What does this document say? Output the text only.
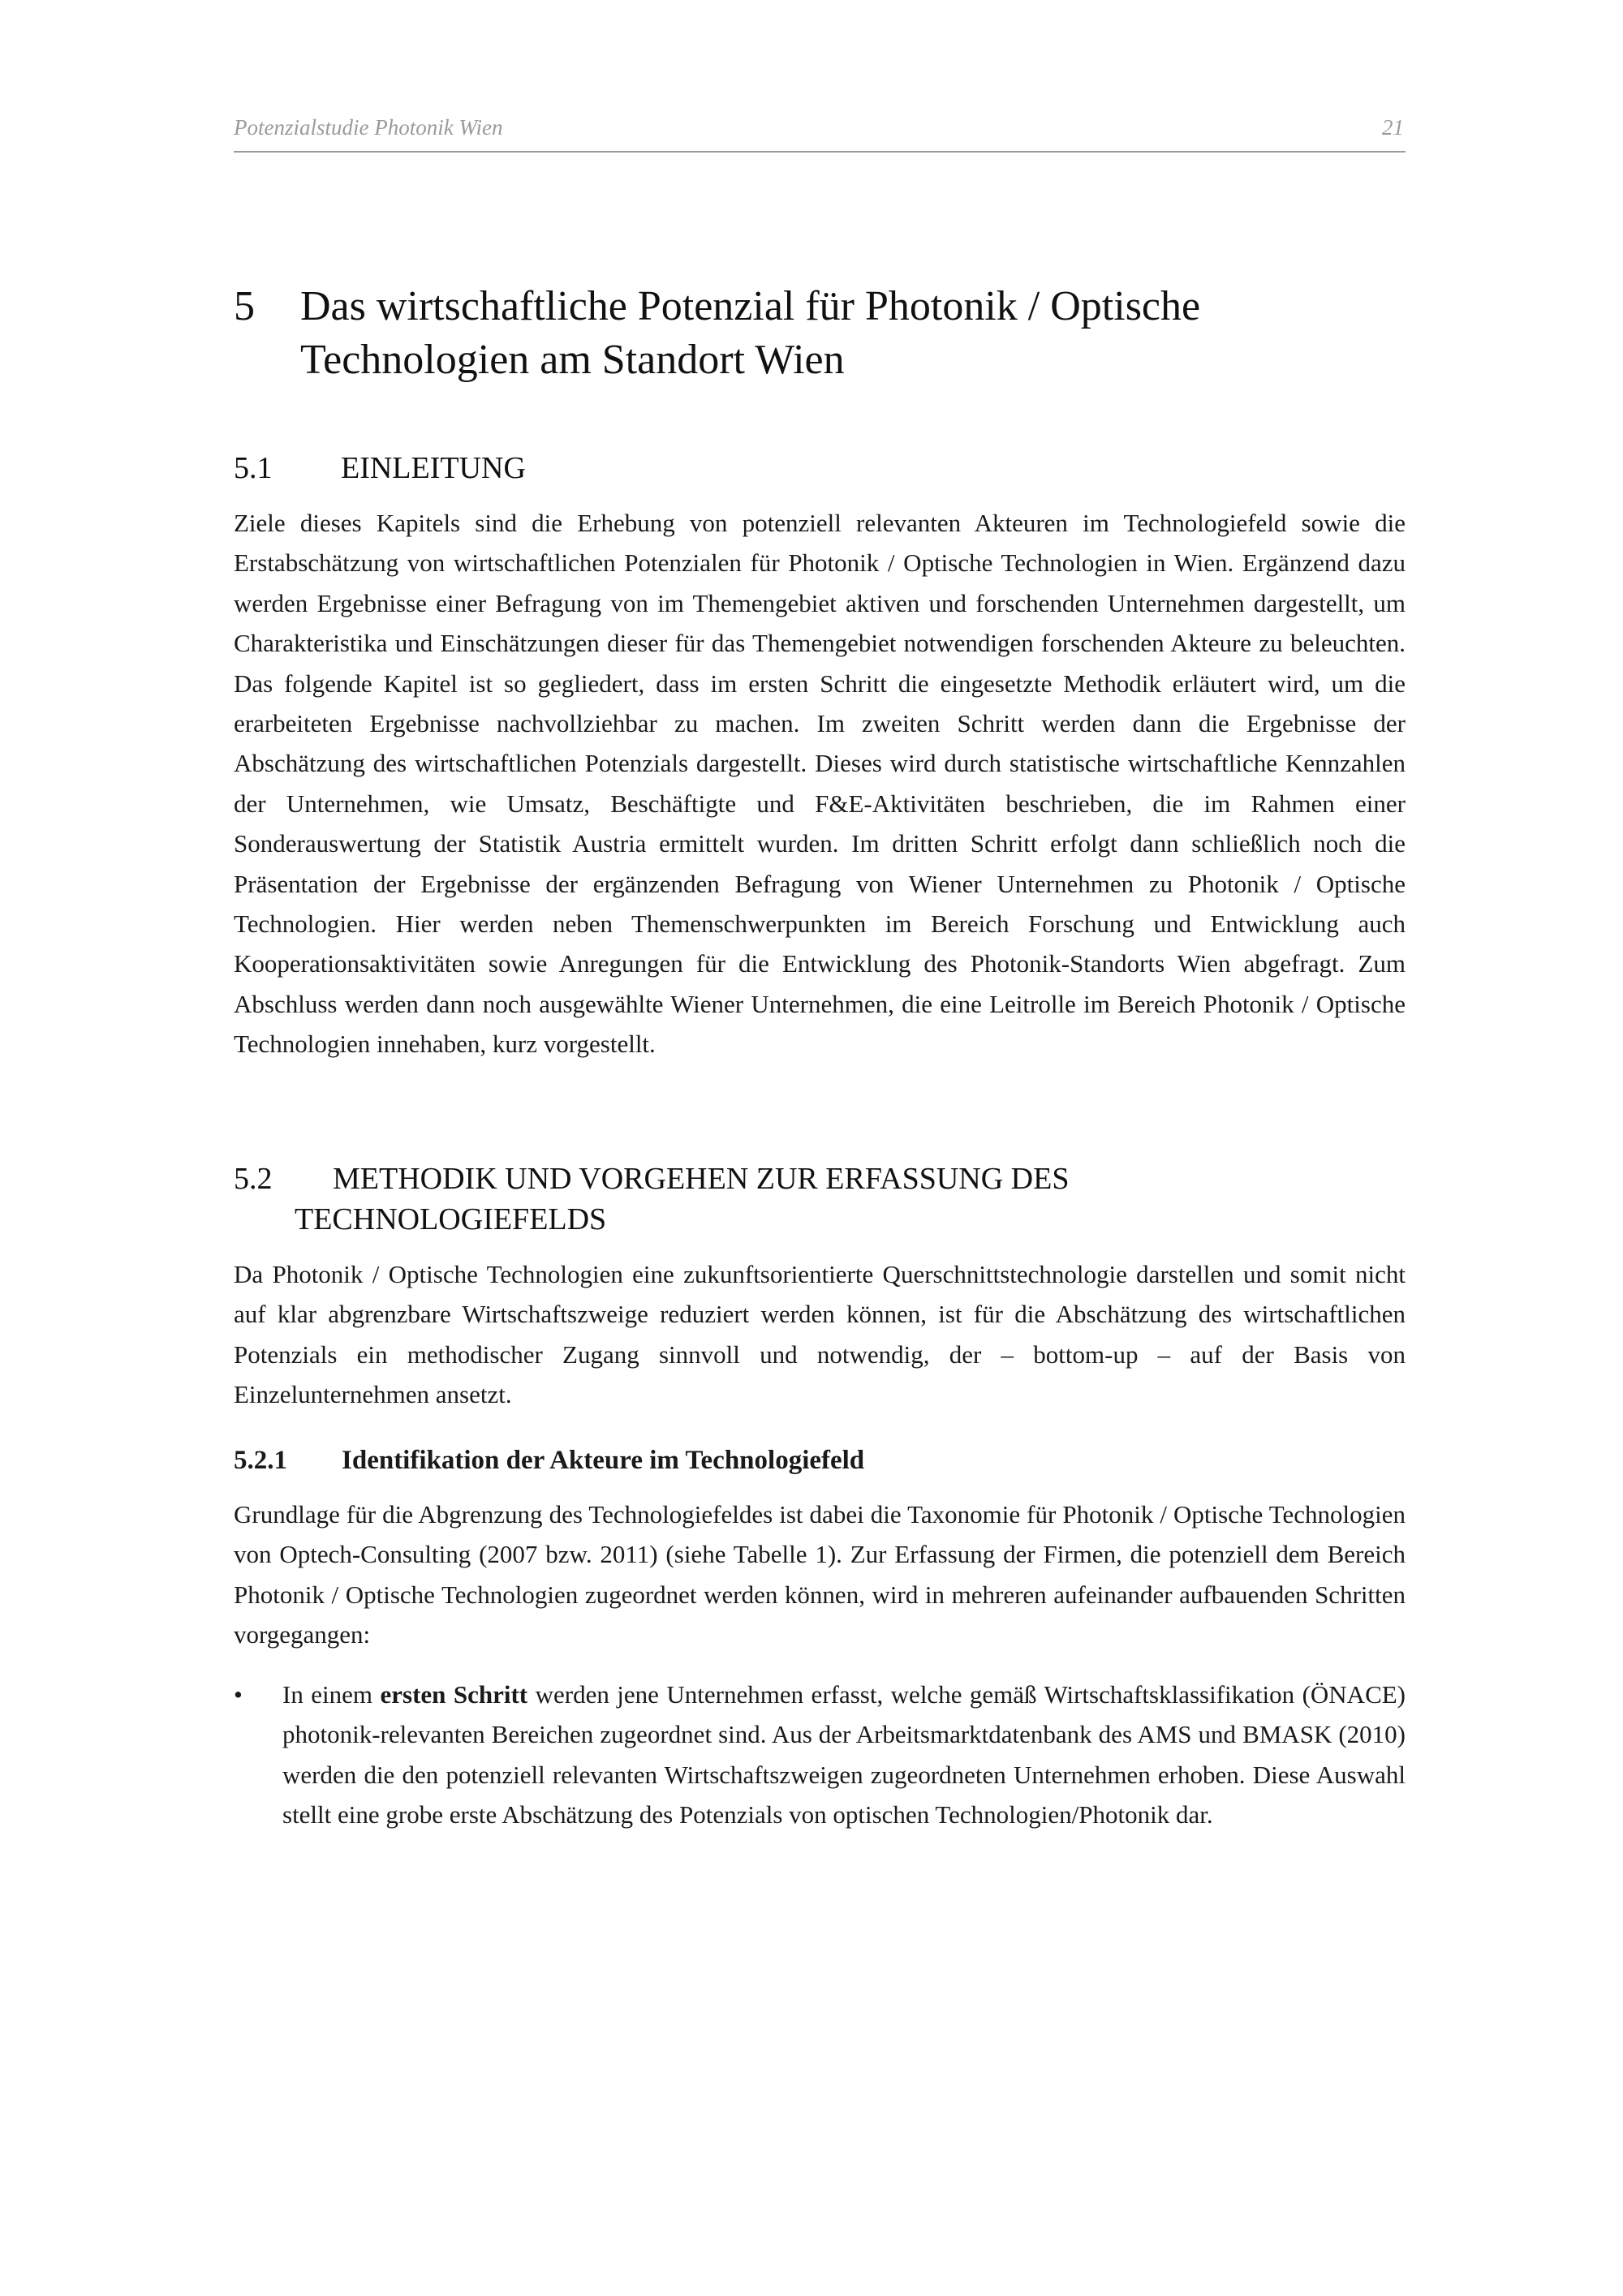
Potenzialstudie Photonik Wien	21
5 Das wirtschaftliche Potenzial für Photonik / Optische
Technologien am Standort Wien
5.1 EINLEITUNG

Ziele dieses Kapitels sind die Erhebung von potenziell relevanten Akteuren im Technologiefeld sowie die Erstabschätzung von wirtschaftlichen Potenzialen für Photonik / Optische Technologien in Wien. Ergänzend dazu werden Ergebnisse einer Befragung von im Themengebiet aktiven und forschenden Unternehmen dargestellt, um Charakteristika und Einschätzungen dieser für das Themengebiet notwendigen forschenden Akteure zu beleuchten. Das folgende Kapitel ist so gegliedert, dass im ersten Schritt die eingesetzte Methodik erläutert wird, um die erarbeiteten Ergebnisse nachvollziehbar zu machen. Im zweiten Schritt werden dann die Ergebnisse der Abschätzung des wirtschaftlichen Potenzials dargestellt. Dieses wird durch statistische wirtschaftliche Kennzahlen der Unternehmen, wie Umsatz, Beschäftigte und F&E-Aktivitäten beschrieben, die im Rahmen einer Sonderauswertung der Statistik Austria ermittelt wurden. Im dritten Schritt erfolgt dann schließlich noch die Präsentation der Ergebnisse der ergänzenden Befragung von Wiener Unternehmen zu Photonik / Optische Technologien. Hier werden neben Themenschwerpunkten im Bereich Forschung und Entwicklung auch Kooperationsaktivitäten sowie Anregungen für die Entwicklung des Photonik-Standorts Wien abgefragt. Zum Abschluss werden dann noch ausgewählte Wiener Unternehmen, die eine Leitrolle im Bereich Photonik / Optische Technologien innehaben, kurz vorgestellt.

5.2 METHODIK UND VORGEHEN ZUR ERFASSUNG DES
TECHNOLOGIEFELDS

Da Photonik / Optische Technologien eine zukunftsorientierte Querschnittstechnologie darstellen und somit nicht auf klar abgrenzbare Wirtschaftszweige reduziert werden können, ist für die Abschätzung des wirtschaftlichen Potenzials ein methodischer Zugang sinnvoll und notwendig, der – bottom-up – auf der Basis von Einzelunternehmen ansetzt.

5.2.1 Identifikation der Akteure im Technologiefeld

Grundlage für die Abgrenzung des Technologiefeldes ist dabei die Taxonomie für Photonik / Optische Technologien von Optech-Consulting (2007 bzw. 2011) (siehe Tabelle 1). Zur Erfassung der Firmen, die potenziell dem Bereich Photonik / Optische Technologien zugeordnet werden können, wird in mehreren aufeinander aufbauenden Schritten vorgegangen:

• In einem ersten Schritt werden jene Unternehmen erfasst, welche gemäß Wirtschaftsklassifikation (ÖNACE) photonik-relevanten Bereichen zugeordnet sind. Aus der Arbeitsmarktdatenbank des AMS und BMASK (2010) werden die den potenziell relevanten Wirtschaftszweigen zugeordneten Unternehmen erhoben. Diese Auswahl stellt eine grobe erste Abschätzung des Potenzials von optischen Technologien/Photonik dar.
